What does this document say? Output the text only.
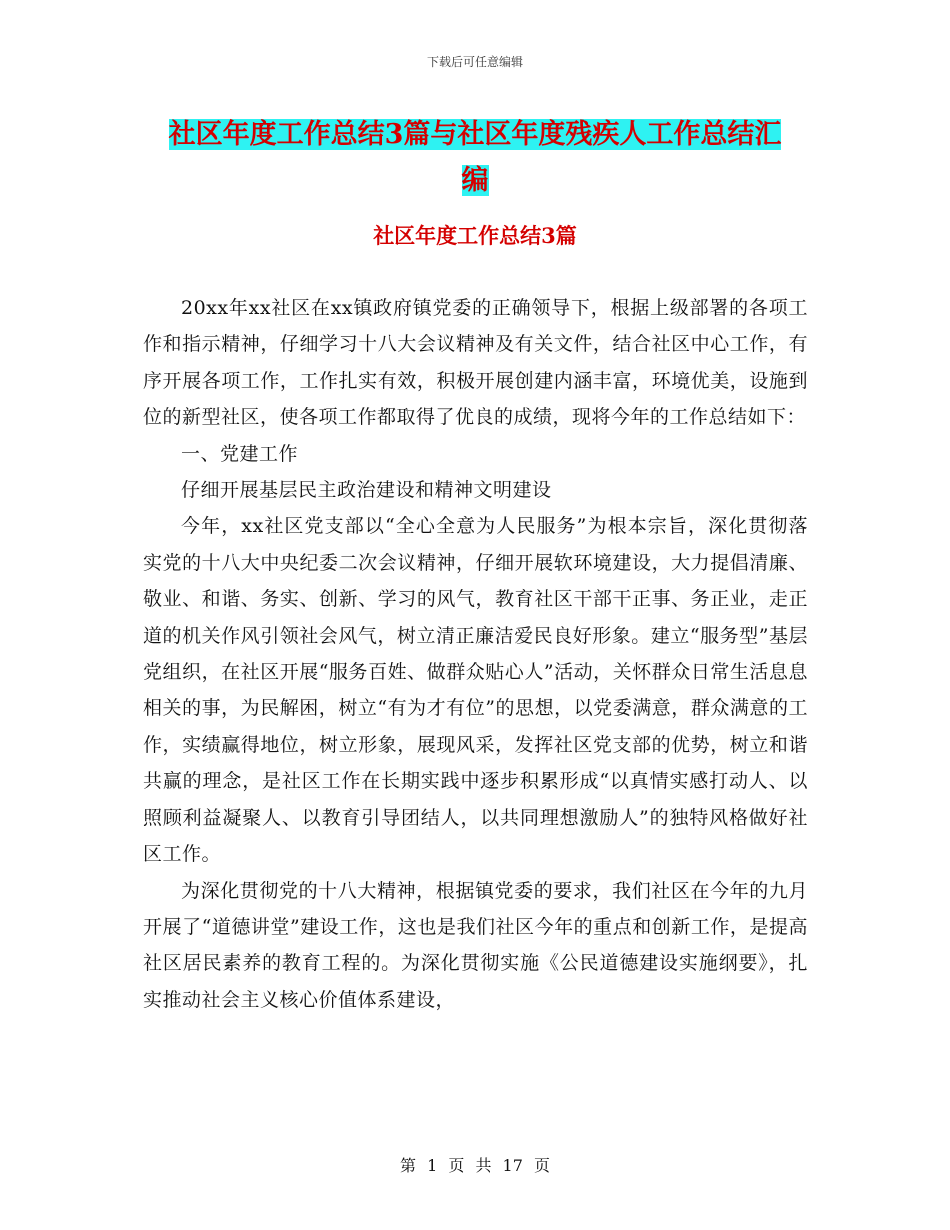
下载后可任意编辑
社区年度工作总结3篇与社区年度残疾人工作总结汇
编
社区年度工作总结3篇

20xx年xx社区在xx镇政府镇党委的正确领导下，根据上级部署的各项工作和指示精神，仔细学习十八大会议精神及有关文件，结合社区中心工作，有序开展各项工作，工作扎实有效，积极开展创建内涵丰富，环境优美，设施到位的新型社区，使各项工作都取得了优良的成绩，现将今年的工作总结如下：

一、党建工作

仔细开展基层民主政治建设和精神文明建设

今年，xx社区党支部以“全心全意为人民服务”为根本宗旨，深化贯彻落实党的十八大中央纪委二次会议精神，仔细开展软环境建设，大力提倡清廉、敬业、和谐、务实、创新、学习的风气，教育社区干部干正事、务正业，走正道的机关作风引领社会风气，树立清正廉洁爱民良好形象。建立“服务型”基层党组织，在社区开展“服务百姓、做群众贴心人”活动，关怀群众日常生活息息相关的事，为民解困，树立“有为才有位”的思想，以党委满意，群众满意的工作，实绩赢得地位，树立形象，展现风采，发挥社区党支部的优势，树立和谐共赢的理念，是社区工作在长期实践中逐步积累形成“以真情实感打动人、以照顾利益凝聚人、以教育引导团结人，以共同理想激励人”的独特风格做好社区工作。

为深化贯彻党的十八大精神，根据镇党委的要求，我们社区在今年的九月开展了“道德讲堂”建设工作，这也是我们社区今年的重点和创新工作，是提高社区居民素养的教育工程的。为深化贯彻实施《公民道德建设实施纲要》，扎实推动社会主义核心价值体系建设，

第 1 页 共 17 页
